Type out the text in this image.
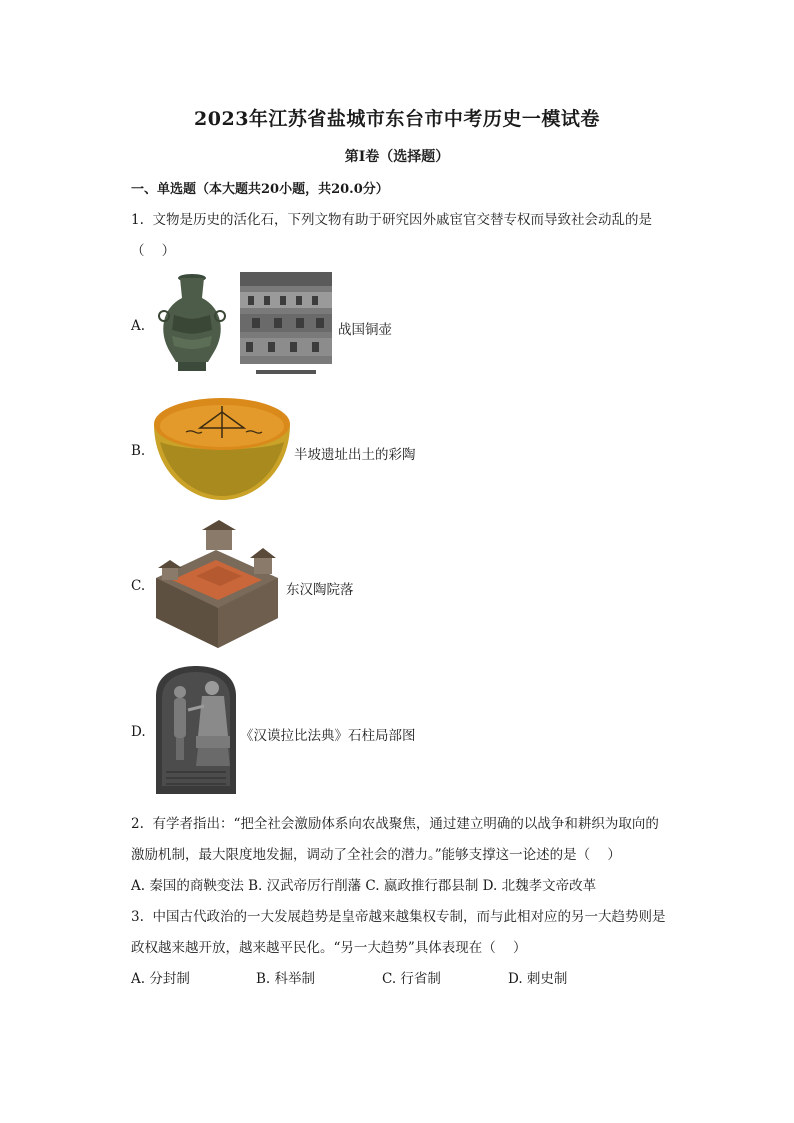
2023年江苏省盐城市东台市中考历史一模试卷
第I卷（选择题）
一、单选题（本大题共20小题，共20.0分）
1.  文物是历史的活化石，下列文物有助于研究因外戚宦官交替专权而导致社会动乱的是
（    ）
A.	战国铜壶
B.	半坡遗址出土的彩陶
C.	东汉陶院落
D.	《汉谟拉比法典》石柱局部图
2.  有学者指出：“把全社会激励体系向农战聚焦，通过建立明确的以战争和耕织为取向的
激励机制，最大限度地发掘，调动了全社会的潜力。”能够支撑这一论述的是（    ）
A. 秦国的商鞅变法 B. 汉武帝厉行削藩 C. 嬴政推行郡县制 D. 北魏孝文帝改革
3.  中国古代政治的一大发展趋势是皇帝越来越集权专制，而与此相对应的另一大趋势则是
政权越来越开放，越来越平民化。“另一大趋势”具体表现在（    ）
A. 分封制	B. 科举制	C. 行省制	D. 刺史制
